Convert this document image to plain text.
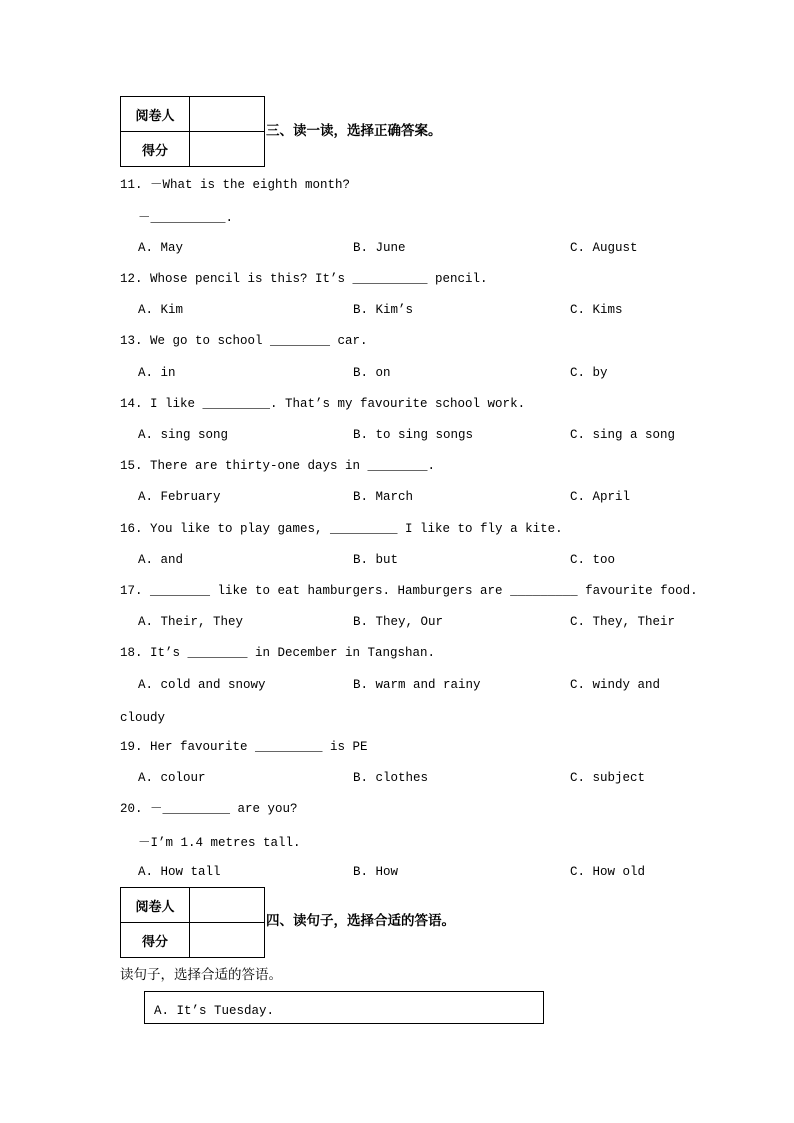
阅卷人	
得分	
三、读一读，选择正确答案。
11. －What is the eighth month?
－__________.
A. May	B. June	C. August
12. Whose pencil is this? It’s __________ pencil.
A. Kim	B. Kim’s	C. Kims
13. We go to school ________ car.
A. in	B. on	C. by
14. I like _________. That’s my favourite school work.
A. sing song	B. to sing songs	C. sing a song
15. There are thirty-one days in ________.
A. February	B. March	C. April
16. You like to play games, _________ I like to fly a kite.
A. and	B. but	C. too
17. ________ like to eat hamburgers. Hamburgers are _________ favourite food.
A. Their, They	B. They, Our	C. They, Their
18. It’s ________ in December in Tangshan.
A. cold and snowy	B. warm and rainy	C. windy and
cloudy
19. Her favourite _________ is PE
A. colour	B. clothes	C. subject
20. －_________ are you?
－I’m 1.4 metres tall.
A. How tall	B. How	C. How old
阅卷人	
得分	
四、读句子，选择合适的答语。
读句子，选择合适的答语。
A. It’s Tuesday.
